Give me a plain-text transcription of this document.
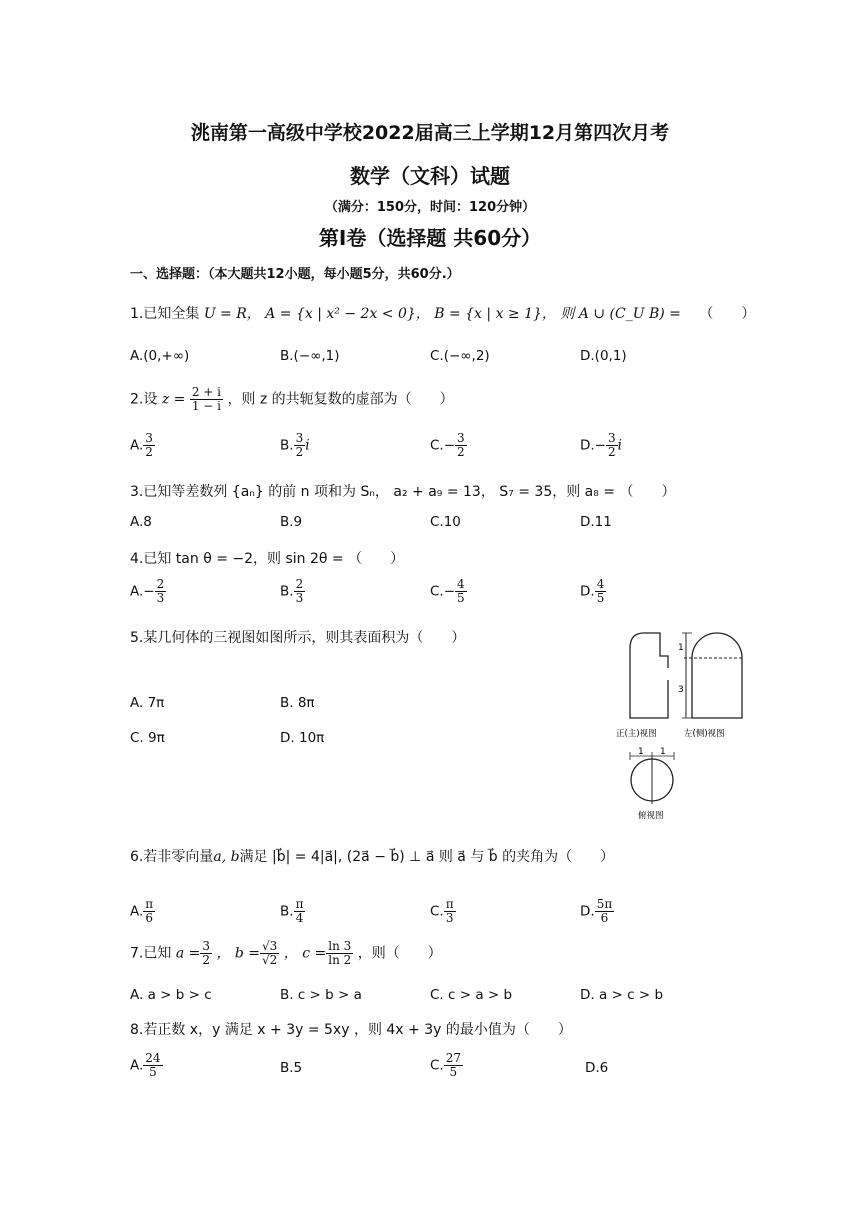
洮南第一高级中学校2022届高三上学期12月第四次月考
数学（文科）试题
（满分：150分，时间：120分钟）
第Ⅰ卷（选择题 共60分）
一、选择题：（本大题共12小题，每小题5分，共60分.）
1.已知全集 U = R， A = {x | x² − 2x < 0}， B = {x | x ≥ 1}， 则 A ∪ (C_U B) = （　　）
A.(0,+∞)	B.(−∞,1)	C.(−∞,2)	D.(0,1)
2.设 $z = \frac{2 + i}{1 - i}$ ，则 z 的共轭复数的虚部为（　　）
A. $\frac{3}{2}$	B. $\frac{3}{2}$ i	$C.- \frac{3}{2}$	$D.- \frac{3}{2}$ i
3.已知等差数列 {aₙ} 的前 n 项和为 Sₙ， a₂ + a₉ = 13， S₇ = 35，则 a₈ = （　　）
A.8	B.9	C.10	D.11
4.已知 tan θ = −2，则 sin 2θ = （　　）
$A.- \frac{2}{3}$	B. $\frac{2}{3}$	$C.- \frac{4}{5}$	D. $\frac{4}{5}$
5.某几何体的三视图如图所示，则其表面积为（　　）
A. 7π	B. 8π
C. 9π	D. 10π
1
3
正(主)视图	左(侧)视图
1 1
俯视图
6.若非零向量a, b满足 |b⃗| = 4|a⃗|, (2a⃗ − b⃗) ⊥ a⃗ 则 a⃗ 与 b⃗ 的夹角为（　　）
A. $\frac{\pi}{6}$	B. $\frac{\pi}{4}$	C. $\frac{\pi}{3}$	D. $\frac{5\pi}{6}$
7.已知 $a = \frac{3}{2}$ ， $b = \frac{√3}{√2}$ ， $c = \frac{\ln 3}{\ln 2}$ ，则（　　）
A. a > b > c	B. c > b > a	C. c > a > b	D. a > c > b
8.若正数 x，y 满足 x + 3y = 5xy ，则 4x + 3y 的最小值为（　　）
A. $\frac{24}{5}$	B.5	C. $\frac{27}{5}$	D.6
